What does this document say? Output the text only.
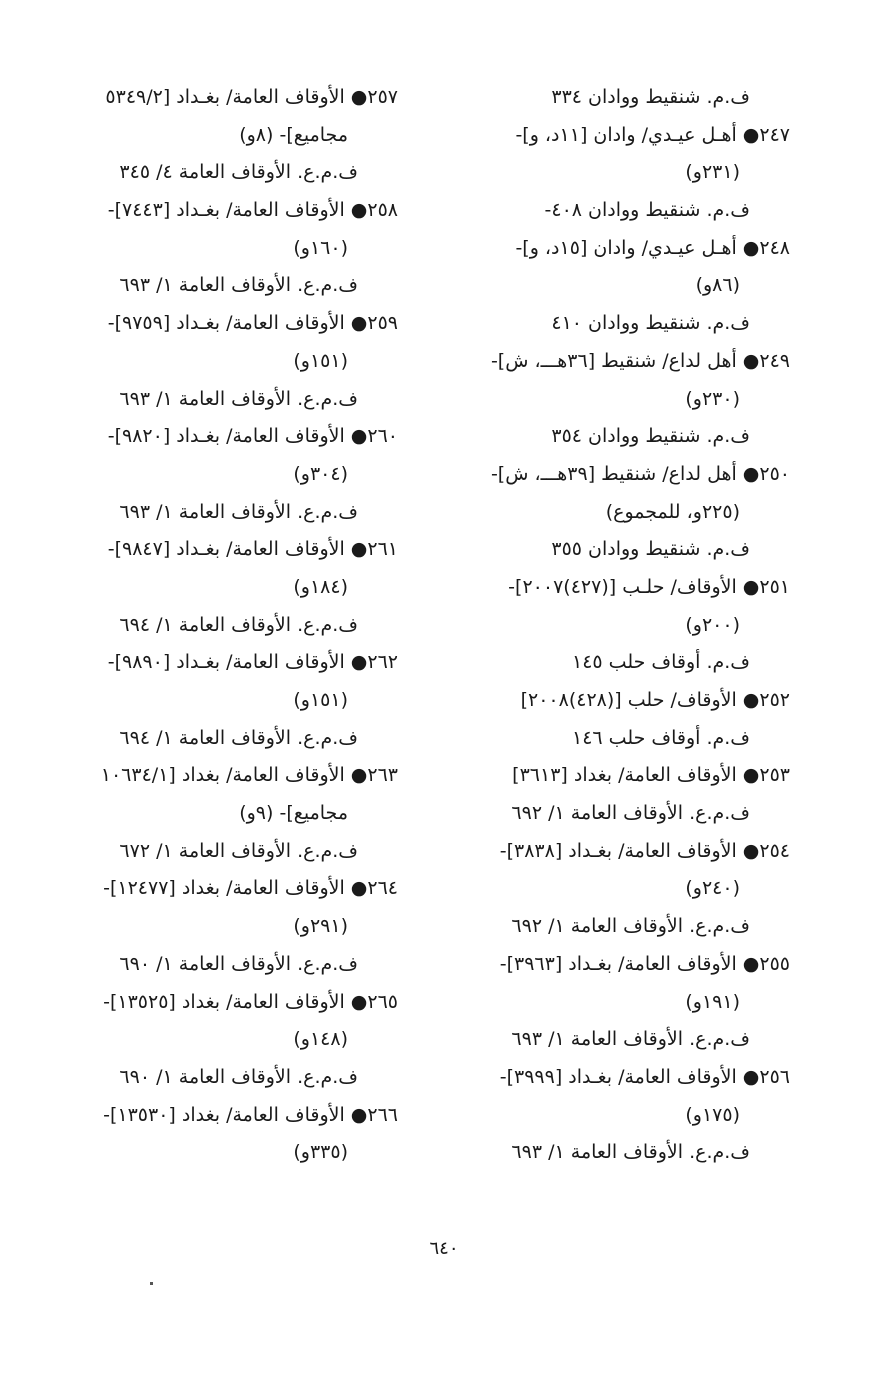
ف.م. شنقيط ووادان ٣٣٤
٢٤٧● أهـل عيـدي/ وادان [١١د، و]-
(٢٣١و)
ف.م. شنقيط ووادان ٤٠٨-
٢٤٨● أهـل عيـدي/ وادان [١٥د، و]-
(٨٦و)
ف.م. شنقيط ووادان ٤١٠
٢٤٩● أهل لداع/ شنقيط [٣٦هـــ، ش]-
(٢٣٠و)
ف.م. شنقيط ووادان ٣٥٤
٢٥٠● أهل لداع/ شنقيط [٣٩هـــ، ش]-
(٢٢٥و، للمجموع)
ف.م. شنقيط ووادان ٣٥٥
٢٥١● الأوقاف/ حلـب [(٤٢٧)٢٠٠٧]-
(٢٠٠و)
ف.م. أوقاف حلب ١٤٥
٢٥٢● الأوقاف/ حلب [(٤٢٨)٢٠٠٨]
ف.م. أوقاف حلب ١٤٦
٢٥٣● الأوقاف العامة/ بغداد [٣٦١٣]
ف.م.ع. الأوقاف العامة ١/ ٦٩٢
٢٥٤● الأوقاف العامة/ بغـداد [٣٨٣٨]-
(٢٤٠و)
ف.م.ع. الأوقاف العامة ١/ ٦٩٢
٢٥٥● الأوقاف العامة/ بغـداد [٣٩٦٣]-
(١٩١و)
ف.م.ع. الأوقاف العامة ١/ ٦٩٣
٢٥٦● الأوقاف العامة/ بغـداد [٣٩٩٩]-
(١٧٥و)
ف.م.ع. الأوقاف العامة ١/ ٦٩٣
٢٥٧● الأوقاف العامة/ بغـداد [٥٣٤٩/٢
مجاميع]- (٨و)
ف.م.ع. الأوقاف العامة ٤/ ٣٤٥
٢٥٨● الأوقاف العامة/ بغـداد [٧٤٤٣]-
(١٦٠و)
ف.م.ع. الأوقاف العامة ١/ ٦٩٣
٢٥٩● الأوقاف العامة/ بغـداد [٩٧٥٩]-
(١٥١و)
ف.م.ع. الأوقاف العامة ١/ ٦٩٣
٢٦٠● الأوقاف العامة/ بغـداد [٩٨٢٠]-
(٣٠٤و)
ف.م.ع. الأوقاف العامة ١/ ٦٩٣
٢٦١● الأوقاف العامة/ بغـداد [٩٨٤٧]-
(١٨٤و)
ف.م.ع. الأوقاف العامة ١/ ٦٩٤
٢٦٢● الأوقاف العامة/ بغـداد [٩٨٩٠]-
(١٥١و)
ف.م.ع. الأوقاف العامة ١/ ٦٩٤
٢٦٣● الأوقاف العامة/ بغداد [١٠٦٣٤/١
مجاميع]- (٩و)
ف.م.ع. الأوقاف العامة ١/ ٦٧٢
٢٦٤● الأوقاف العامة/ بغداد [١٢٤٧٧]-
(٢٩١و)
ف.م.ع. الأوقاف العامة ١/ ٦٩٠
٢٦٥● الأوقاف العامة/ بغداد [١٣٥٢٥]-
(١٤٨و)
ف.م.ع. الأوقاف العامة ١/ ٦٩٠
٢٦٦● الأوقاف العامة/ بغداد [١٣٥٣٠]-
(٣٣٥و)
٦٤٠
